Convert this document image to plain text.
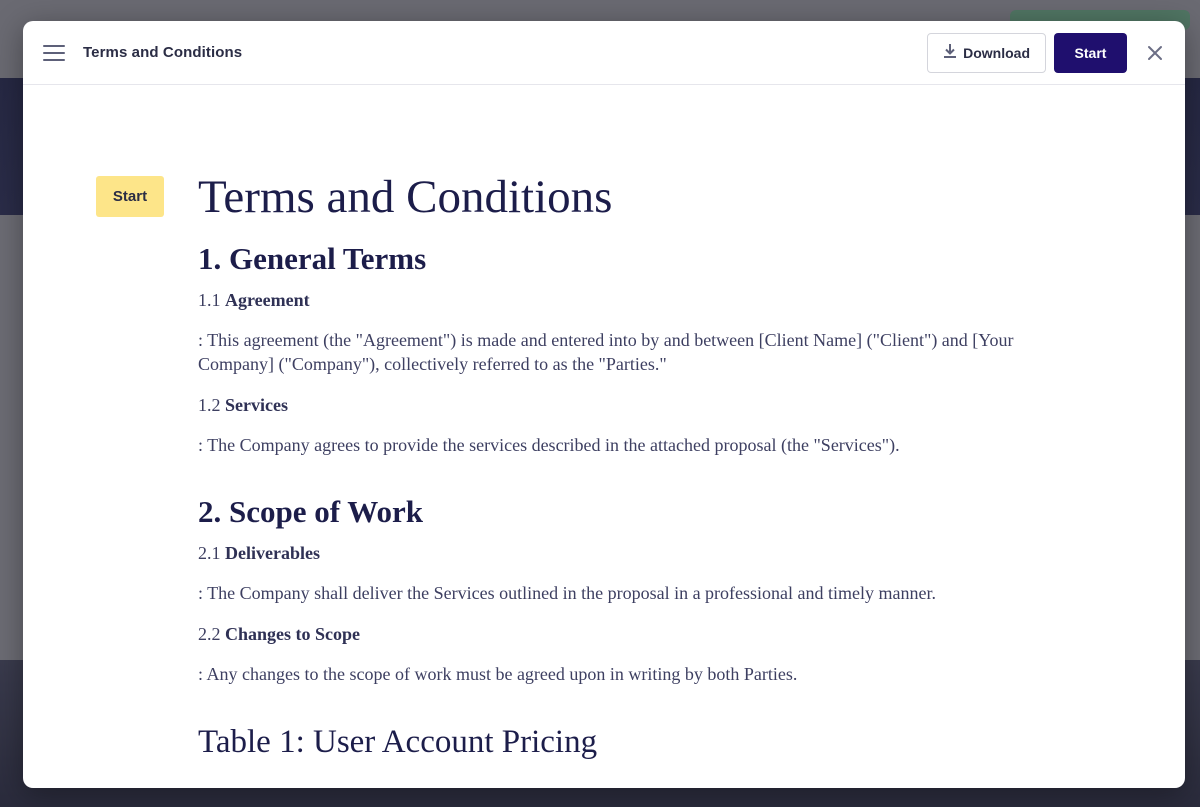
Terms and Conditions	Download	Start
Start	Terms and Conditions
1. General Terms
1.1 Agreement

: This agreement (the "Agreement") is made and entered into by and between [Client Name] ("Client") and [Your Company] ("Company"), collectively referred to as the "Parties."

1.2 Services

: The Company agrees to provide the services described in the attached proposal (the "Services").

2. Scope of Work
2.1 Deliverables

: The Company shall deliver the Services outlined in the proposal in a professional and timely manner.

2.2 Changes to Scope

: Any changes to the scope of work must be agreed upon in writing by both Parties.

Table 1: User Account Pricing
